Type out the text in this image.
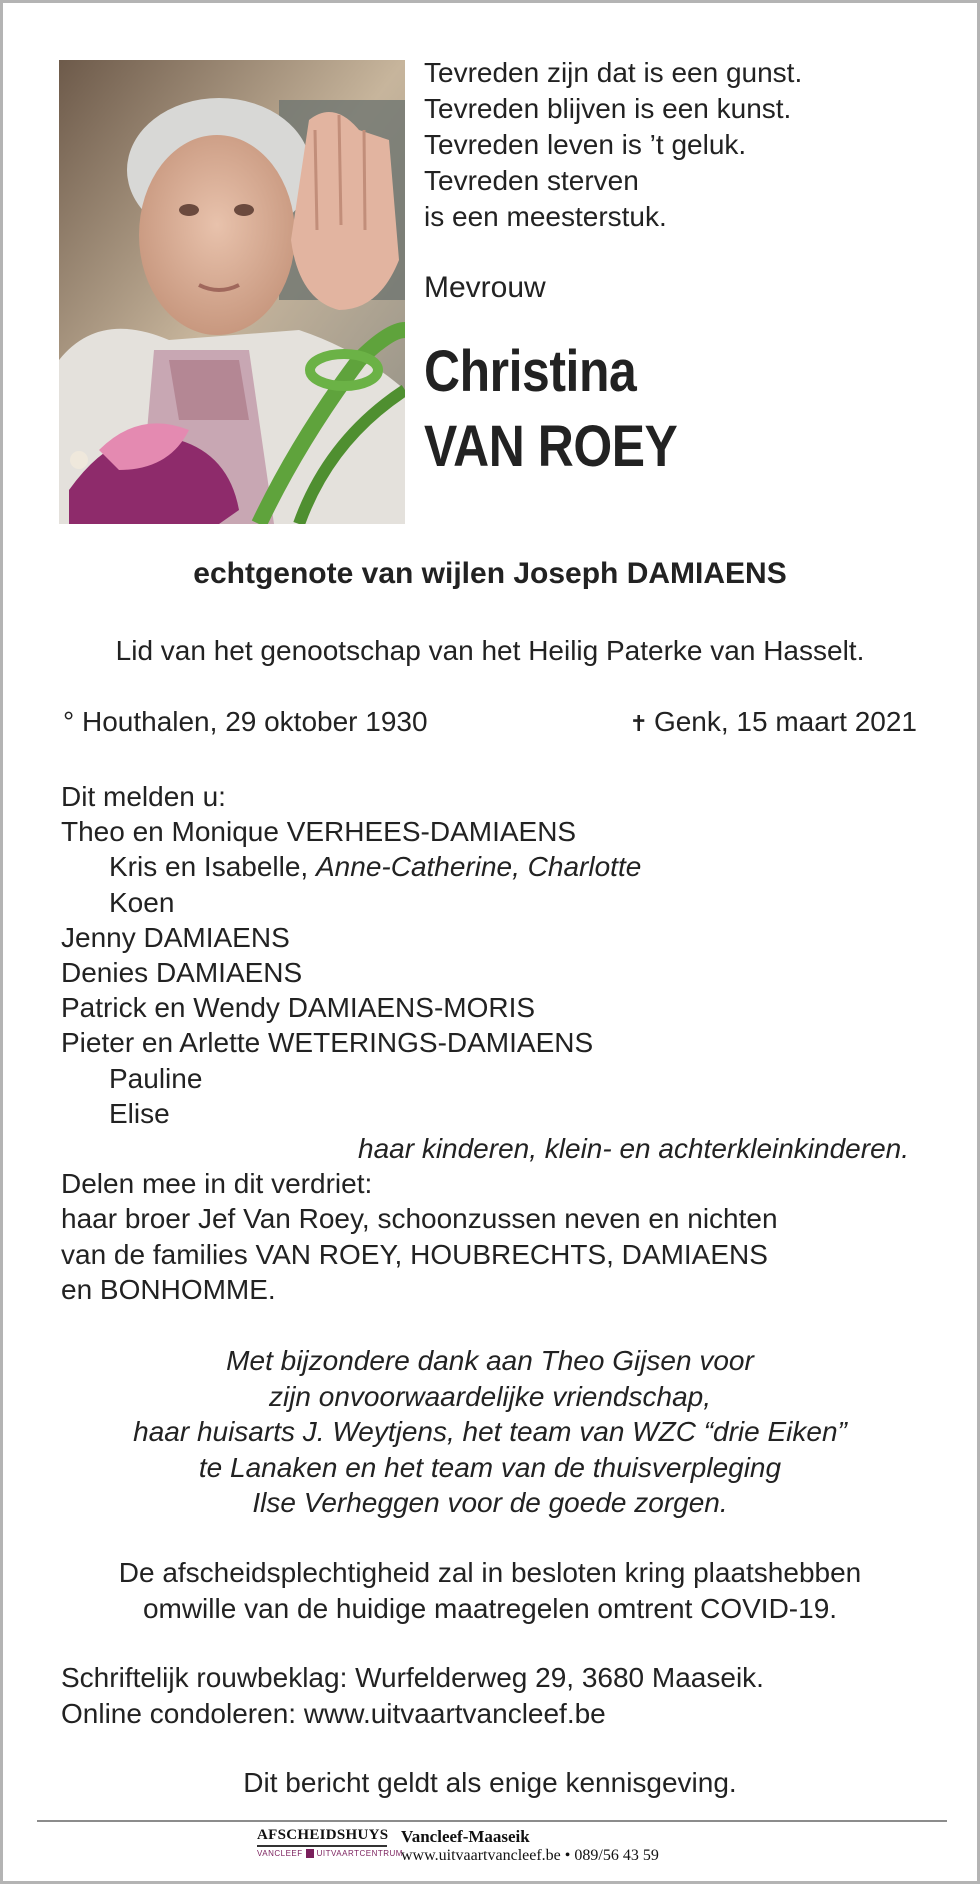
Tevreden zijn dat is een gunst.
Tevreden blijven is een kunst.
Tevreden leven is ’t geluk.
Tevreden sterven
is een meesterstuk.
Mevrouw
Christina
VAN ROEY
echtgenote van wijlen Joseph DAMIAENS
Lid van het genootschap van het Heilig Paterke van Hasselt.
° Houthalen, 29 oktober 1930	✝ Genk, 15 maart 2021
Dit melden u:
Theo en Monique VERHEES-DAMIAENS
Kris en Isabelle, Anne-Catherine, Charlotte
Koen
Jenny DAMIAENS
Denies DAMIAENS
Patrick en Wendy DAMIAENS-MORIS
Pieter en Arlette WETERINGS-DAMIAENS
Pauline
Elise
haar kinderen, klein- en achterkleinkinderen.
Delen mee in dit verdriet:
haar broer Jef Van Roey, schoonzussen neven en nichten
van de families VAN ROEY, HOUBRECHTS, DAMIAENS
en BONHOMME.
Met bijzondere dank aan Theo Gijsen voor
zijn onvoorwaardelijke vriendschap,
haar huisarts J. Weytjens, het team van WZC “drie Eiken”
te Lanaken en het team van de thuisverpleging
Ilse Verheggen voor de goede zorgen.
De afscheidsplechtigheid zal in besloten kring plaatshebben
omwille van de huidige maatregelen omtrent COVID-19.
Schriftelijk rouwbeklag: Wurfelderweg 29, 3680 Maaseik.
Online condoleren: www.uitvaartvancleef.be
Dit bericht geldt als enige kennisgeving.
AFSCHEIDSHUYS
VANCLEEF UITVAARTCENTRUM
Vancleef-Maaseik
www.uitvaartvancleef.be • 089/56 43 59
